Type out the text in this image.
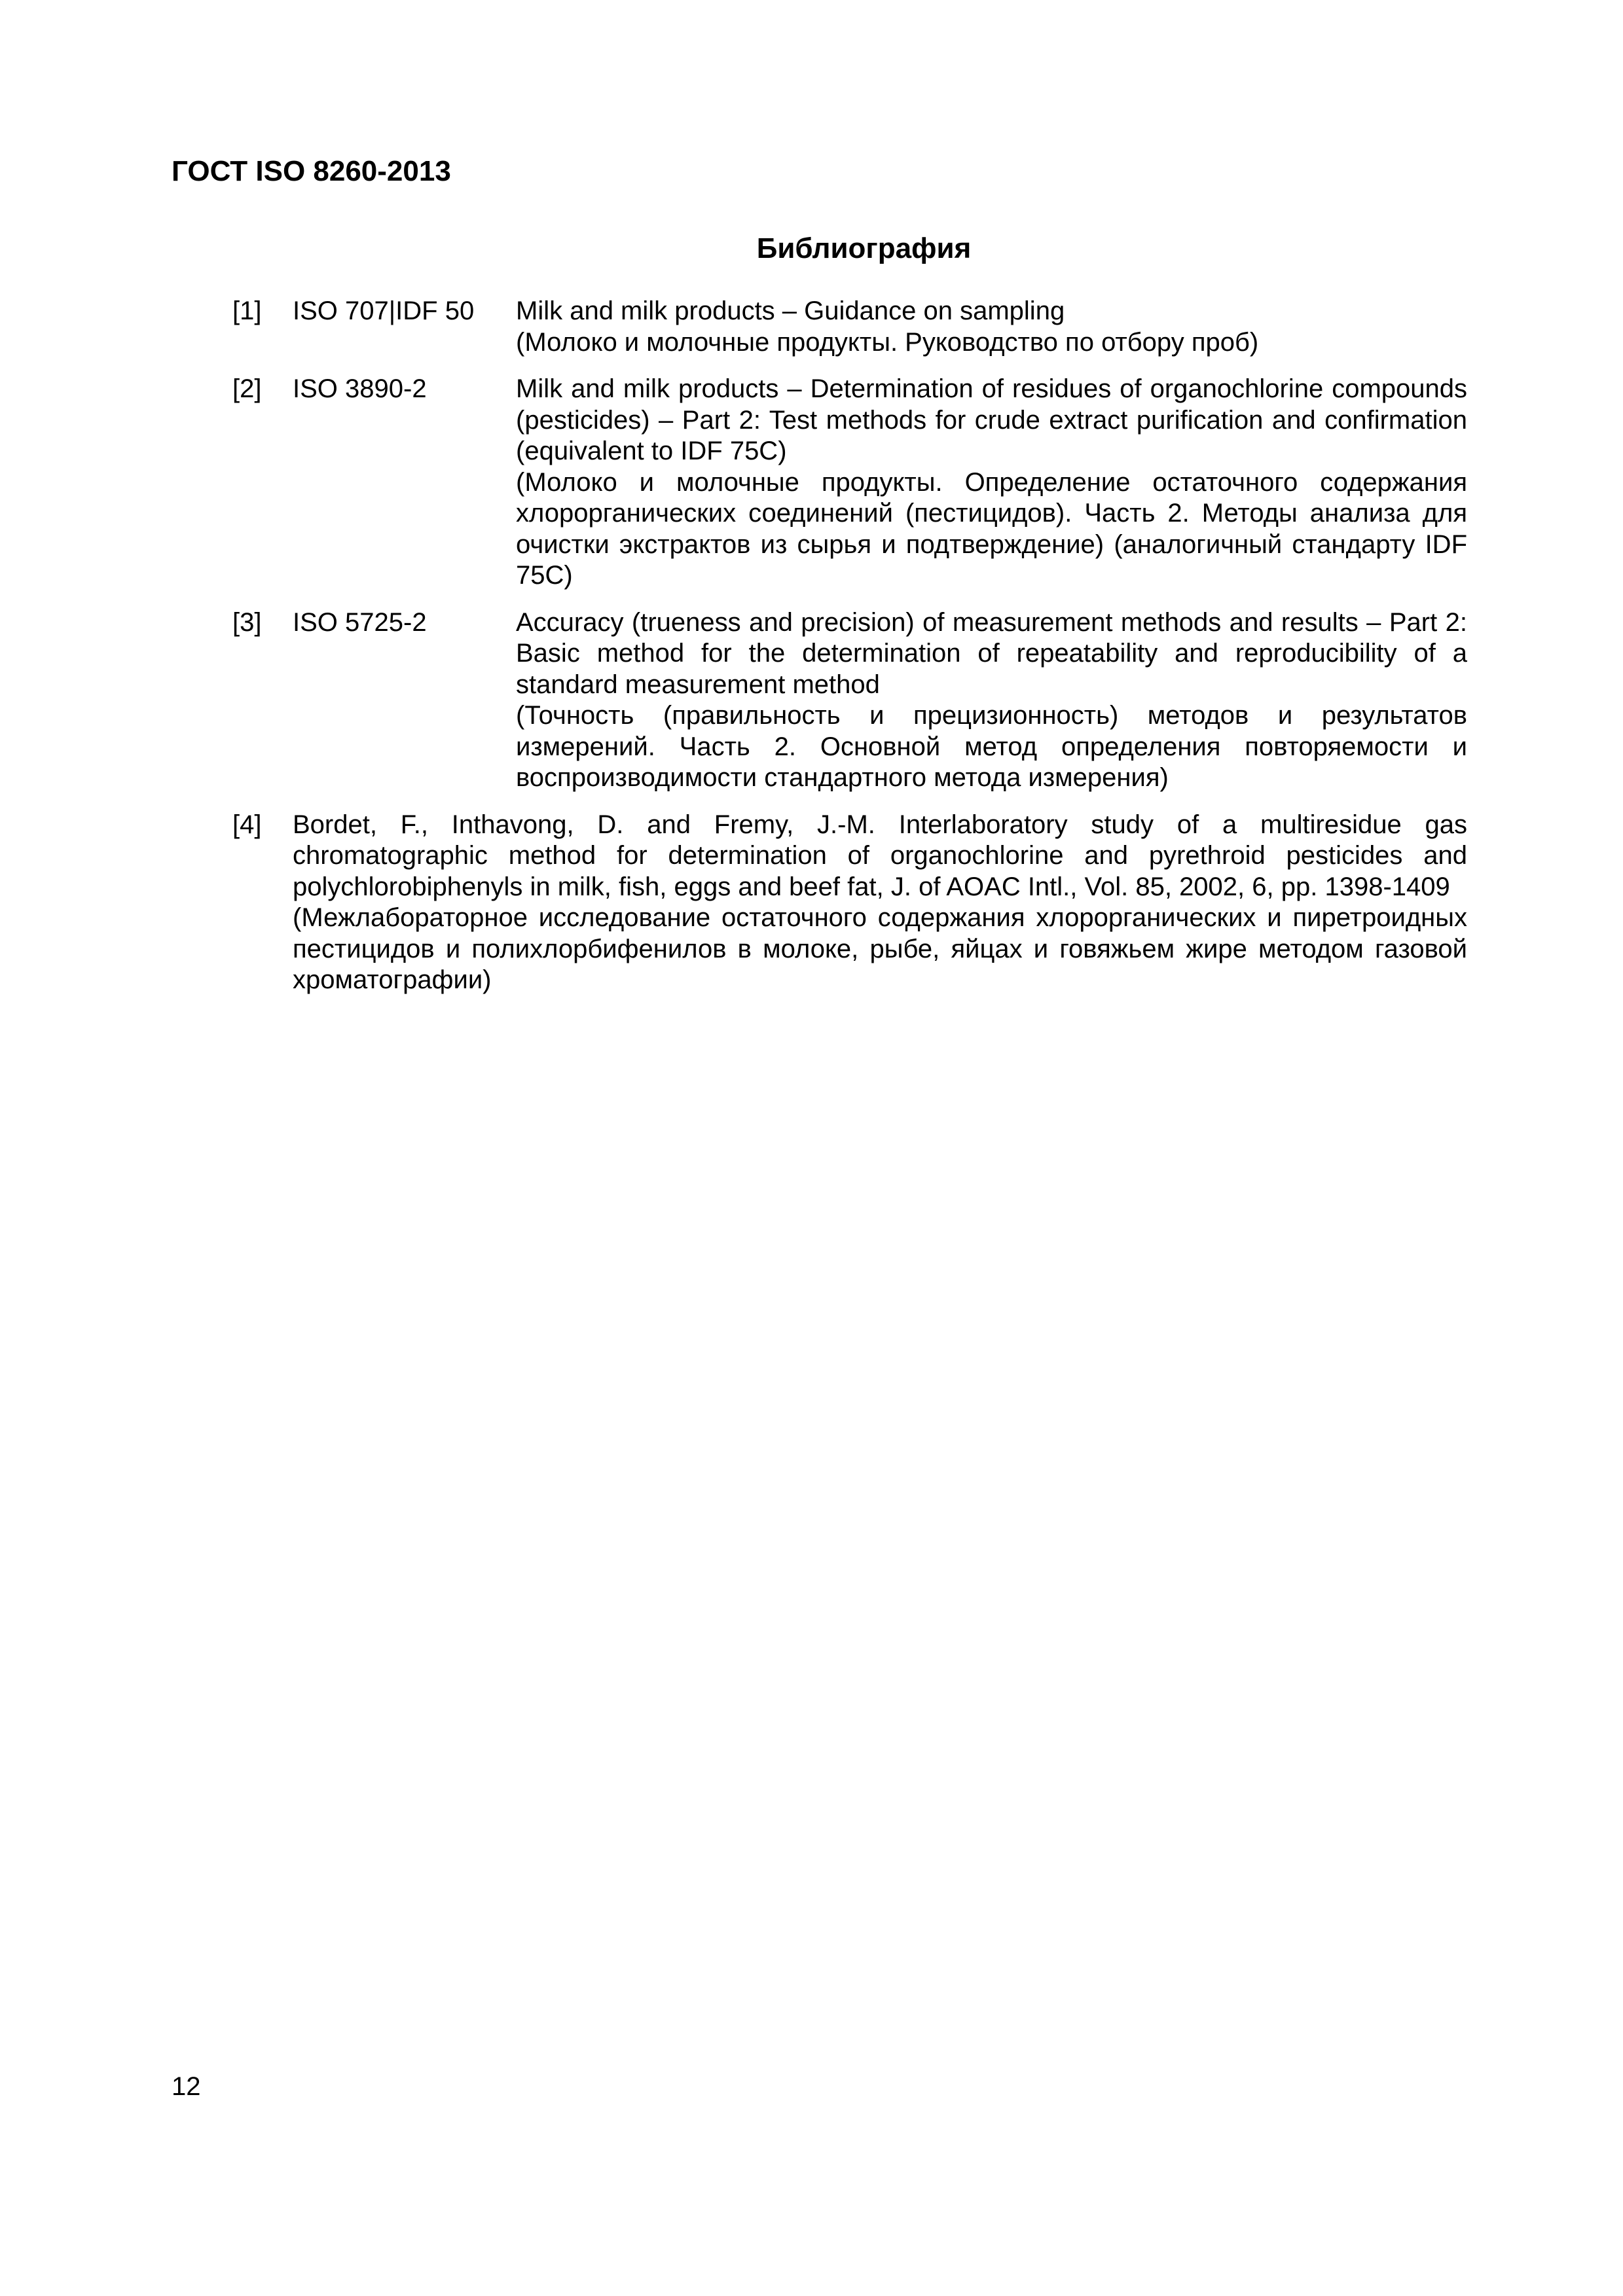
ГОСТ ISO 8260-2013
Библиография
[1] ISO 707|IDF 50 Milk and milk products – Guidance on sampling
(Молоко и молочные продукты. Руководство по отбору проб)
[2] ISO 3890-2	Milk and milk products – Determination of residues of organochlorine compounds (pesticides) – Part 2: Test methods for crude extract purification and confirmation (equivalent to IDF 75C)
(Молоко и молочные продукты. Определение остаточного содержания хлорорганических соединений (пестицидов). Часть 2. Методы анализа для очистки экстрактов из сырья и подтверждение) (аналогичный стандарту IDF 75C)
[3] ISO 5725-2	Accuracy (trueness and precision) of measurement methods and results – Part 2: Basic method for the determination of repeatability and reproducibility of a standard measurement method
(Точность (правильность и прецизионность) методов и результатов измерений. Часть 2. Основной метод определения повторяемости и воспроизводимости стандартного метода измерения)
[4] Bordet, F., Inthavong, D. and Fremy, J.-M. Interlaboratory study of a multiresidue gas chromatographic method for determination of organochlorine and pyrethroid pesticides and polychlorobiphenyls in milk, fish, eggs and beef fat, J. of AOAC Intl., Vol. 85, 2002, 6, pp. 1398-1409
(Межлабораторное исследование остаточного содержания хлорорганических и пиретроидных пестицидов и полихлорбифенилов в молоке, рыбе, яйцах и говяжьем жире методом газовой хроматографии)
12
